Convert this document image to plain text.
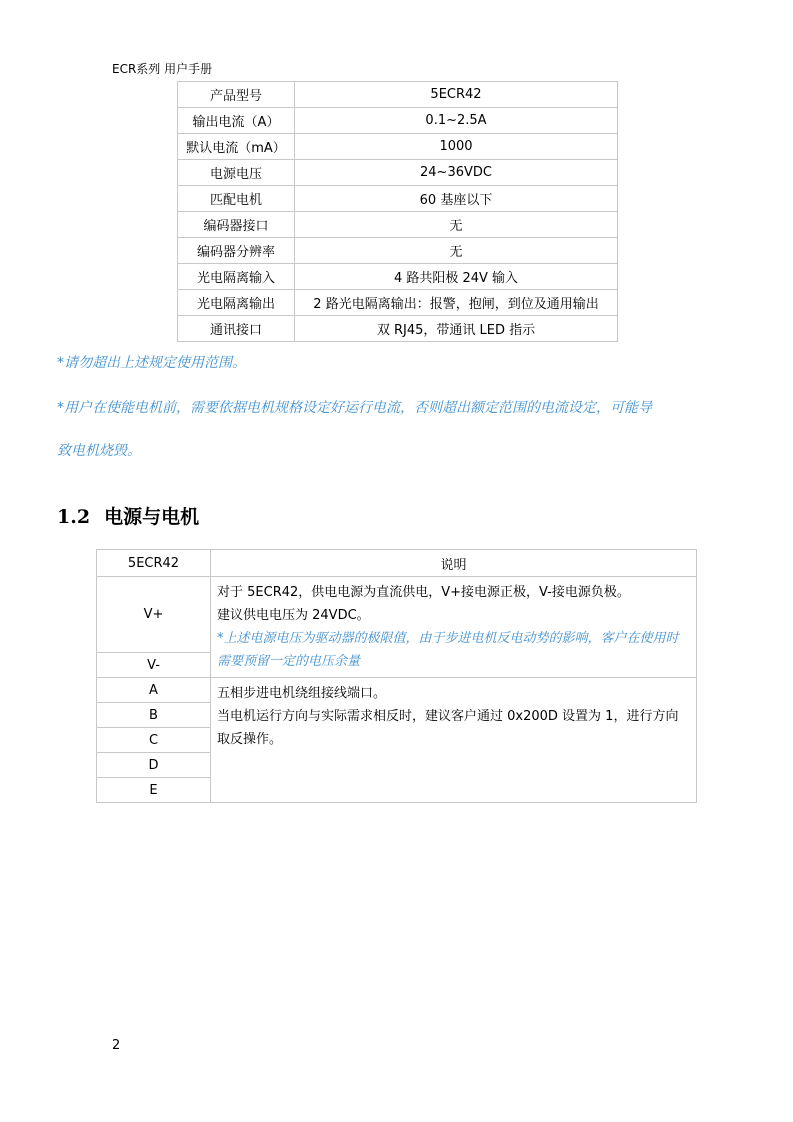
ECR系列 用户手册
产品型号	5ECR42
输出电流（A）	0.1~2.5A
默认电流（mA）	1000
电源电压	24~36VDC
匹配电机	60 基座以下
编码器接口	无
编码器分辨率	无
光电隔离输入	4 路共阳极 24V 输入
光电隔离输出	2 路光电隔离输出：报警，抱闸，到位及通用输出
通讯接口	双 RJ45，带通讯 LED 指示
*请勿超出上述规定使用范围。
*用户在使能电机前，需要依据电机规格设定好运行电流，否则超出额定范围的电流设定，可能导
致电机烧毁。
1.2 电源与电机
5ECR42	说明
V+	对于 5ECR42，供电电源为直流供电，V+接电源正极，V-接电源负极。
建议供电电压为 24VDC。
*上述电源电压为驱动器的极限值，由于步进电机反电动势的影响，客户在使用时需要预留一定的电压余量

V-	
A	五相步进电机绕组接线端口。
当电机运行方向与实际需求相反时，建议客户通过 0x200D 设置为 1，进行方向取反操作。

B	
C	
D	
E	
2
